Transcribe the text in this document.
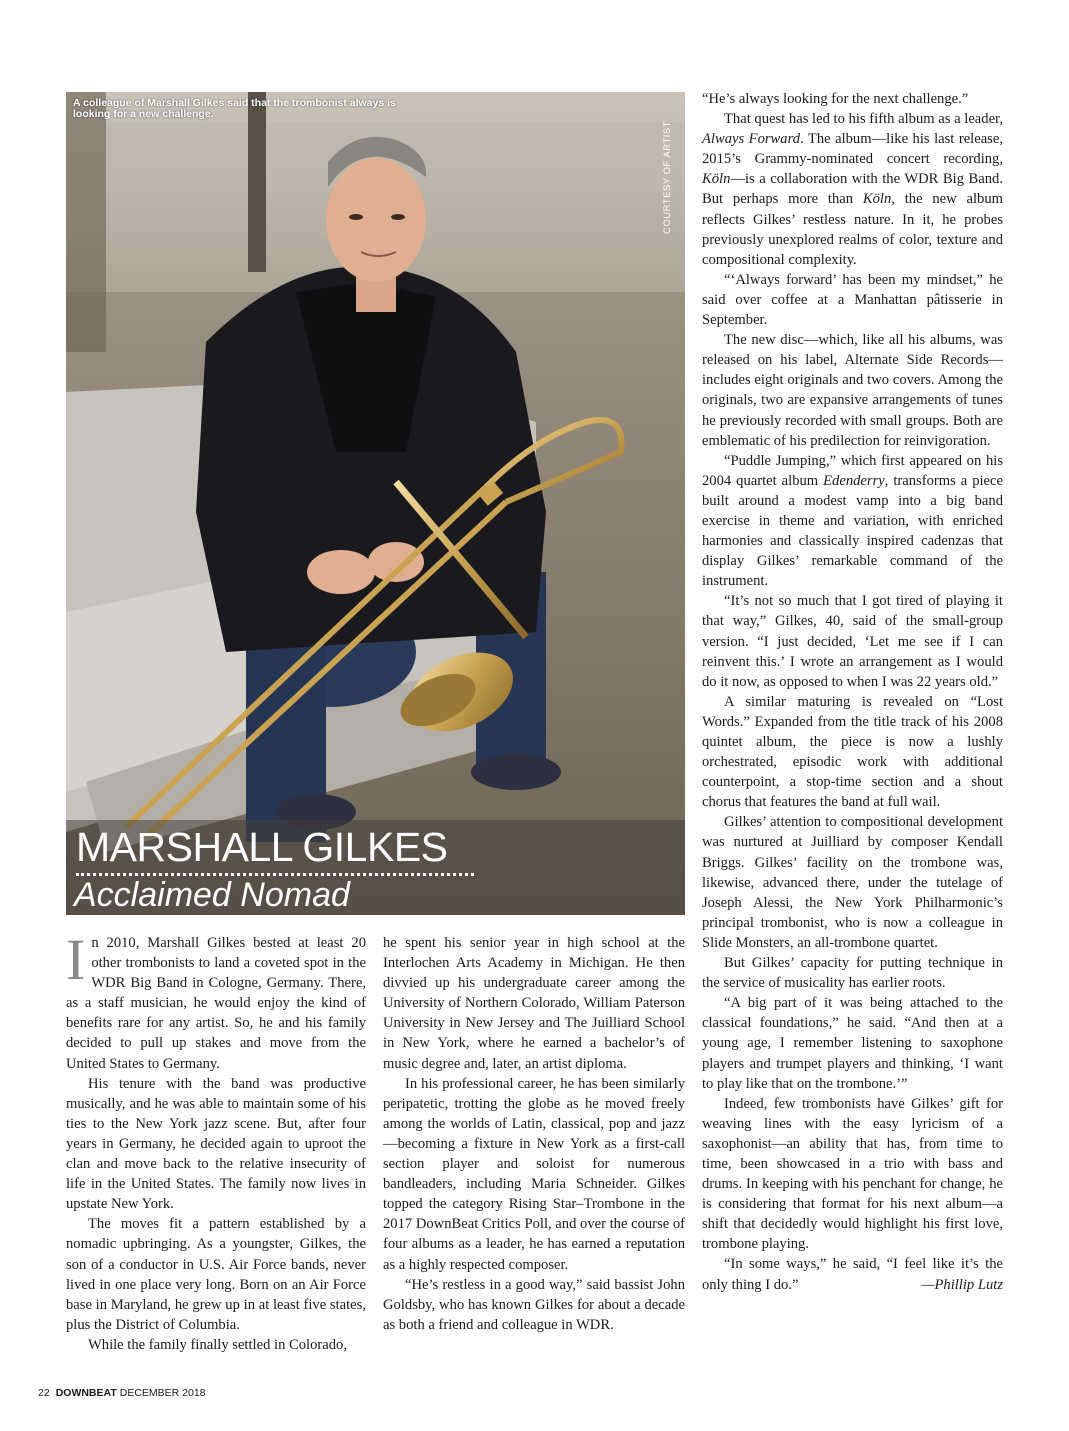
A colleague of Marshall Gilkes said that the trombonist always is looking for a new challenge.
COURTESY OF ARTIST
MARSHALL GILKES
Acclaimed Nomad

In 2010, Marshall Gilkes bested at least 20 other trombonists to land a coveted spot in the WDR Big Band in Cologne, Germany. There, as a staff musician, he would enjoy the kind of benefits rare for any artist. So, he and his family decided to pull up stakes and move from the United States to Germany.

His tenure with the band was productive musically, and he was able to maintain some of his ties to the New York jazz scene. But, after four years in Germany, he decided again to uproot the clan and move back to the relative insecurity of life in the United States. The family now lives in upstate New York.

The moves fit a pattern established by a nomadic upbringing. As a youngster, Gilkes, the son of a conductor in U.S. Air Force bands, never lived in one place very long. Born on an Air Force base in Maryland, he grew up in at least five states, plus the District of Columbia.

While the family finally settled in Colorado,

he spent his senior year in high school at the Interlochen Arts Academy in Michigan. He then divvied up his undergraduate career among the University of Northern Colorado, William Paterson University in New Jersey and The Juilliard School in New York, where he earned a bachelor’s of music degree and, later, an artist diploma.

In his professional career, he has been similarly peripatetic, trotting the globe as he moved freely among the worlds of Latin, classical, pop and jazz—becoming a fixture in New York as a first-call section player and soloist for numerous bandleaders, including Maria Schneider. Gilkes topped the category Rising Star–Trombone in the 2017 DownBeat Critics Poll, and over the course of four albums as a leader, he has earned a reputation as a highly respected composer.

“He’s restless in a good way,” said bassist John Goldsby, who has known Gilkes for about a decade as both a friend and colleague in WDR.

“He’s always looking for the next challenge.”

That quest has led to his fifth album as a leader, Always Forward. The album—like his last release, 2015’s Grammy-nominated concert recording, Köln—is a collaboration with the WDR Big Band. But perhaps more than Köln, the new album reflects Gilkes’ restless nature. In it, he probes previously unexplored realms of color, texture and compositional complexity.

“‘Always forward’ has been my mindset,” he said over coffee at a Manhattan pâtisserie in September.

The new disc—which, like all his albums, was released on his label, Alternate Side Records—includes eight originals and two covers. Among the originals, two are expansive arrangements of tunes he previously recorded with small groups. Both are emblematic of his predilection for reinvigoration.

“Puddle Jumping,” which first appeared on his 2004 quartet album Edenderry, transforms a piece built around a modest vamp into a big band exercise in theme and variation, with enriched harmonies and classically inspired cadenzas that display Gilkes’ remarkable command of the instrument.

“It’s not so much that I got tired of playing it that way,” Gilkes, 40, said of the small-group version. “I just decided, ‘Let me see if I can reinvent this.’ I wrote an arrangement as I would do it now, as opposed to when I was 22 years old.”

A similar maturing is revealed on “Lost Words.” Expanded from the title track of his 2008 quintet album, the piece is now a lushly orchestrated, episodic work with additional counterpoint, a stop-time section and a shout chorus that features the band at full wail.

Gilkes’ attention to compositional development was nurtured at Juilliard by composer Kendall Briggs. Gilkes’ facility on the trombone was, likewise, advanced there, under the tutelage of Joseph Alessi, the New York Philharmonic’s principal trombonist, who is now a colleague in Slide Monsters, an all-trombone quartet.

But Gilkes’ capacity for putting technique in the service of musicality has earlier roots.

“A big part of it was being attached to the classical foundations,” he said. “And then at a young age, I remember listening to saxophone players and trumpet players and thinking, ‘I want to play like that on the trombone.’”

Indeed, few trombonists have Gilkes’ gift for weaving lines with the easy lyricism of a saxophonist—an ability that has, from time to time, been showcased in a trio with bass and drums. In keeping with his penchant for change, he is considering that format for his next album—a shift that decidedly would highlight his first love, trombone playing.

“In some ways,” he said, “I feel like it’s the only thing I do.”	—Phillip Lutz

22 DOWNBEAT DECEMBER 2018
